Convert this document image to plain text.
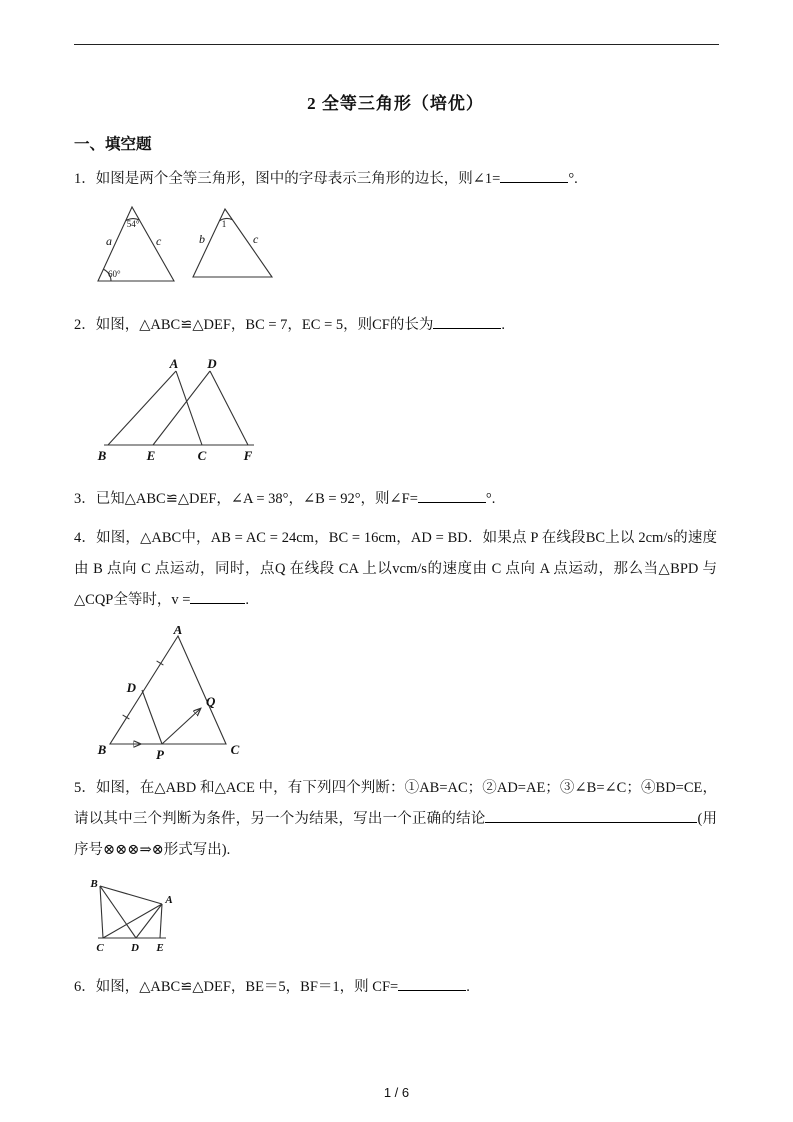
2 全等三角形（培优）
一、填空题

1．如图是两个全等三角形，图中的字母表示三角形的边长，则∠1=	°.

54°
a	c
60°
1
b	c

2．如图，△ABC≌△DEF，BC = 7，EC = 5，则CF的长为	.

A D
B	E	C	F

3．已知△ABC≌△DEF，∠A = 38°，∠B = 92°，则∠F=	°.

4．如图，△ABC中，AB = AC = 24cm，BC = 16cm，AD = BD．如果点 P 在线段BC上以 2cm/s的速度由 B 点向 C 点运动，同时，点Q 在线段 CA 上以vcm/s的速度由 C 点向 A 点运动，那么当△BPD 与△CQP全等时，v =	.

A
D
Q
B	P	C

5．如图，在△ABD 和△ACE 中，有下列四个判断：①AB=AC；②AD=AE；③∠B=∠C；④BD=CE，请以其中三个判断为条件，另一个为结果，写出一个正确的结论	(用序号⊗⊗⊗⇒⊗形式写出).

B
A
C D E

6．如图，△ABC≌△DEF，BE＝5，BF＝1，则 CF=	.

1 / 6
